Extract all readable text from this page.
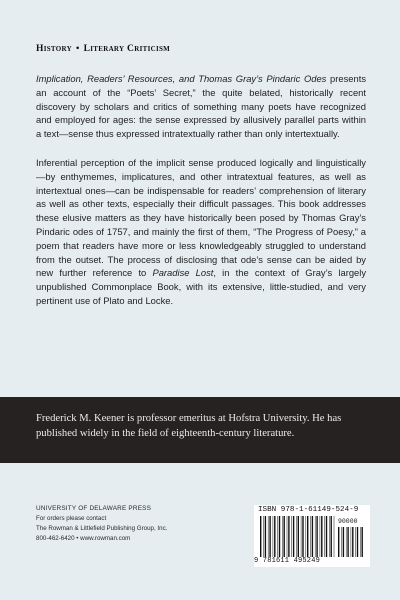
History • Literary Criticism

Implication, Readers’ Resources, and Thomas Gray’s Pindaric Odes presents an account of the “Poets’ Secret,” the quite belated, historically recent discovery by scholars and critics of something many poets have recognized and employed for ages: the sense expressed by allusively parallel parts within a text—sense thus expressed intratextually rather than only intertextually.

Inferential perception of the implicit sense produced logically and linguistically—by enthymemes, implicatures, and other intratextual features, as well as intertextual ones—can be indispensable for readers’ comprehension of literary as well as other texts, especially their difficult passages. This book addresses these elusive matters as they have historically been posed by Thomas Gray’s Pindaric odes of 1757, and mainly the first of them, “The Progress of Poesy,” a poem that readers have more or less knowledgeably struggled to understand from the outset. The process of disclosing that ode’s sense can be aided by new further reference to Paradise Lost, in the context of Gray’s largely unpublished Commonplace Book, with its extensive, little-studied, and very pertinent use of Plato and Locke.

Frederick M. Keener is professor emeritus at Hofstra University. He has published widely in the field of eighteenth-century literature.
UNIVERSITY OF DELAWARE PRESS
For orders please contact
The Rowman & Littlefield Publishing Group, Inc.
800-462-6420 • www.rowman.com
ISBN 978-1-61149-524-9
90000
9 781611 495249
